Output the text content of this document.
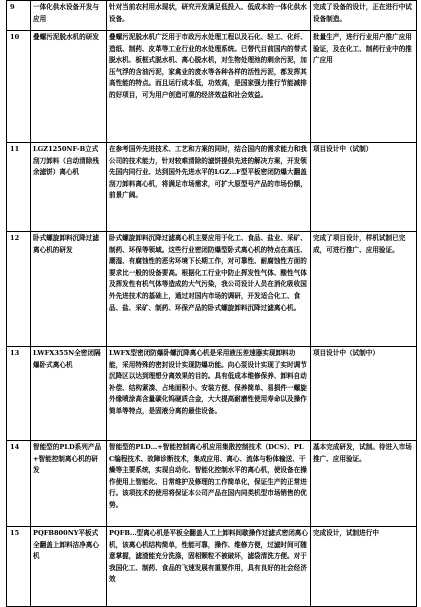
9	一体化供水设备开发与应用	针对当前农村用水现状，研究开发满足低投入、低成本的一体化供水设备。	完成了设备的设计，正在进行中试设备制造。
10	叠螺污泥脱水机的研发	叠螺污泥脱水机广泛用于市政污水处理工程以及石化、轻工、化纤、造纸、制药、皮革等工业行业的水处理系统。已替代目前国内的带式脱水机、板框式脱水机、离心脱水机，对生物处理池的剩余污泥，加压气浮的含油污泥，家禽业的废水等各种各样的活性污泥，都发挥其高性能的特点。而且运行成本低，功效高，是国家强力推行节能减排的好项目，可为用户创造可观的经济效益和社会效益。	批量生产，进行行业用户推广应用验证，及在化工、制药行业中的推广应用
11	LGZ1250NF-B立式刮刀卸料（自动清除残余滤饼）离心机	在参考国外先进技术、工艺和方案的同时，结合国内的需求能力和我公司的技术能力，针对较难清除的滤饼提供先进的解决方案，开发领先国内同行业、达到国外先进水平的LGZ…F型平板密闭防爆大翻盖刮刀卸料离心机，将满足市场需求，可扩大原型号产品的市场份额，前景广阔。	项目设计中（试制）
12	卧式螺旋卸料沉降过滤离心机的研发	卧式螺旋卸料沉降过滤离心机主要应用于化工、食品、盐业、采矿、制药、环保等领域。这些行业密闭防爆型卧式离心机的特点在高压、潮湿、有腐蚀性的恶劣环境下长期工作，对可靠性、耐腐蚀性方面的要求比一般的设备要高。根据化工行业中防止挥发性气体、酸性气体及挥发性有机气体等造成的大气污染，我公司设计人员在消化吸收国外先进技术的基础上，通过对国内市场的调研，开发适合化工、食品、盐、采矿、制药、环保产品的卧式螺旋卸料沉降过滤离心机。	完成了项目设计，样机试制已完成，可进行推广、应用验证。
13	LWFX355N全密闭隔爆卧式离心机	LWFX型密闭防爆卧螺沉降离心机是采用液压差速器实现卸料功能，采用特殊的密封设计实现防爆功能。向心泵设计实现了实时调节沉降区以达到理想分离效果的目的。具有低成本维修保养、卸料自动补偿、结构紧凑、占地面积小、安装方便、保养简单、易损件一螺旋外缘喷涂高含量碳化钨硬质合金，大大提高耐磨性使用寿命以及操作简单等特点，是固液分离的最佳设备。	项目设计中（试制中）
14	智能型的PLD系列产品+智能控制离心机的研发	智能型的PLD…+智能控制离心机应用集散控制技术（DCS）、PLC编程技术、故障诊断技术，集成应用、离心、流体与粉体输送、干燥等主要系统，实现自动化、智能化控制水平的离心机，使设备在操作使用上智能化、日常维护及修理的工作简单化，保证生产的正常进行。该项技术的使用将保证本公司产品在国内同类机型市场销售的优势。	基本完成研发，试制。待进入市场推广、应用验证。
15	PQFB800NY平板式全翻盖上卸料洁净离心机	PQFB…型离心机是平板全翻盖人工上卸料间歇操作过滤式密闭离心机，该离心机结构简单，性能可靠，操作、维修方便，过滤时间可随意掌握，滤渣能充分洗涤，固相颗粒不被破坏，滤袋清洗方便。对于我国化工、制药、食品的飞速发展有重要作用，具有良好的社会经济效	完成设计，试制进行中
